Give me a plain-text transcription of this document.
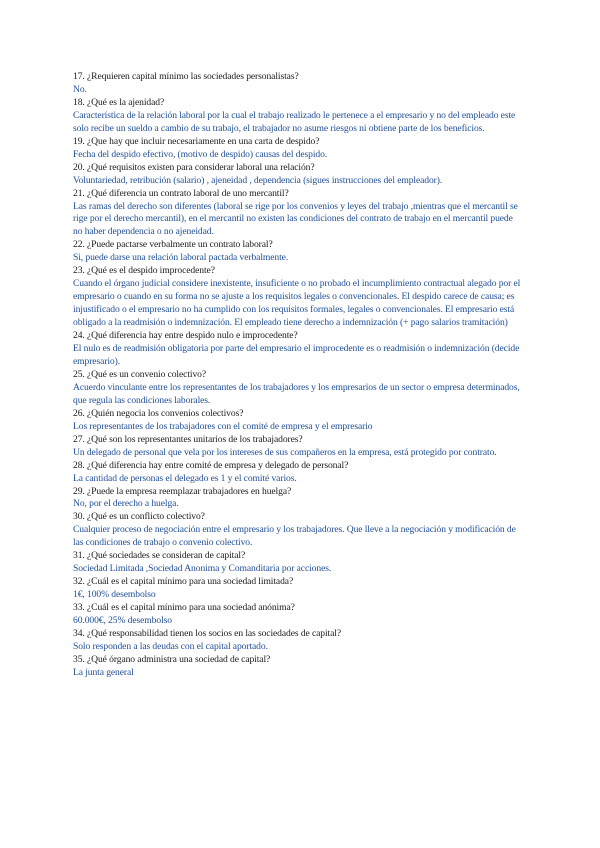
17. ¿Requieren capital mínimo las sociedades personalistas?

No.

18. ¿Qué es la ajenidad?

Característica de la relación laboral por la cual el trabajo realizado le pertenece a el empresario y no del empleado este solo recibe un sueldo a cambio de su trabajo, el trabajador no asume riesgos ni obtiene parte de los beneficios.

19. ¿Que hay que incluir necesariamente en una carta de despido?

Fecha del despido efectivo, (motivo de despido) causas del despido.

20. ¿Qué requisitos existen para considerar laboral una relación?

Voluntariedad, retribución (salario) , ajeneidad , dependencia (sigues instrucciones del empleador).

21. ¿Qué diferencia un contrato laboral de uno mercantil?

Las ramas del derecho son diferentes (laboral se rige por los convenios y leyes del trabajo ,mientras que el mercantil se rige por el derecho mercantil), en el mercantil no existen las condiciones del contrato de trabajo en el mercantil puede no haber dependencia o no ajeneidad.

22. ¿Puede pactarse verbalmente un contrato laboral?

Si, puede darse una relación laboral pactada verbalmente.

23. ¿Qué es el despido improcedente?

Cuando el órgano judicial considere inexistente, insuficiente o no probado el incumplimiento contractual alegado por el empresario o cuando en su forma no se ajuste a los requisitos legales o convencionales. El despido carece de causa; es injustificado o el empresario no ha cumplido con los requisitos formales, legales o convencionales. El empresario está obligado a la readmisión o indemnización. El empleado tiene derecho a indemnización (+ pago salarios tramitación)

24. ¿Qué diferencia hay entre despido nulo e improcedente?

El nulo es de readmisión obligatoria por parte del empresario el improcedente es o readmisión o indemnización (decide empresario).

25. ¿Qué es un convenio colectivo?

Acuerdo vinculante entre los representantes de los trabajadores y los empresarios de un sector o empresa determinados, que regula las condiciones laborales.

26. ¿Quién negocia los convenios colectivos?

Los representantes de los trabajadores con el comité de empresa y el empresario

27. ¿Qué son los representantes unitarios de los trabajadores?

Un delegado de personal que vela por los intereses de sus compañeros en la empresa, está protegido por contrato.

28. ¿Qué diferencia hay entre comité de empresa y delegado de personal?

La cantidad de personas el delegado es 1 y el comité varios.

29. ¿Puede la empresa reemplazar trabajadores en huelga?

No, por el derecho a huelga.

30. ¿Qué es un conflicto colectivo?

Cualquier proceso de negociación entre el empresario y los trabajadores. Que lleve a la negociación y modificación de las condiciones de trabajo o convenio colectivo.

31. ¿Qué sociedades se consideran de capital?

Sociedad Limitada ,Sociedad Anonima y Comanditaria por acciones.

32. ¿Cuál es el capital mínimo para una sociedad limitada?

1€, 100% desembolso

33. ¿Cuál es el capital mínimo para una sociedad anónima?

60.000€, 25% desembolso

34. ¿Qué responsabilidad tienen los socios en las sociedades de capital?

Solo responden a las deudas con el capital aportado.

35. ¿Qué órgano administra una sociedad de capital?

La junta general
